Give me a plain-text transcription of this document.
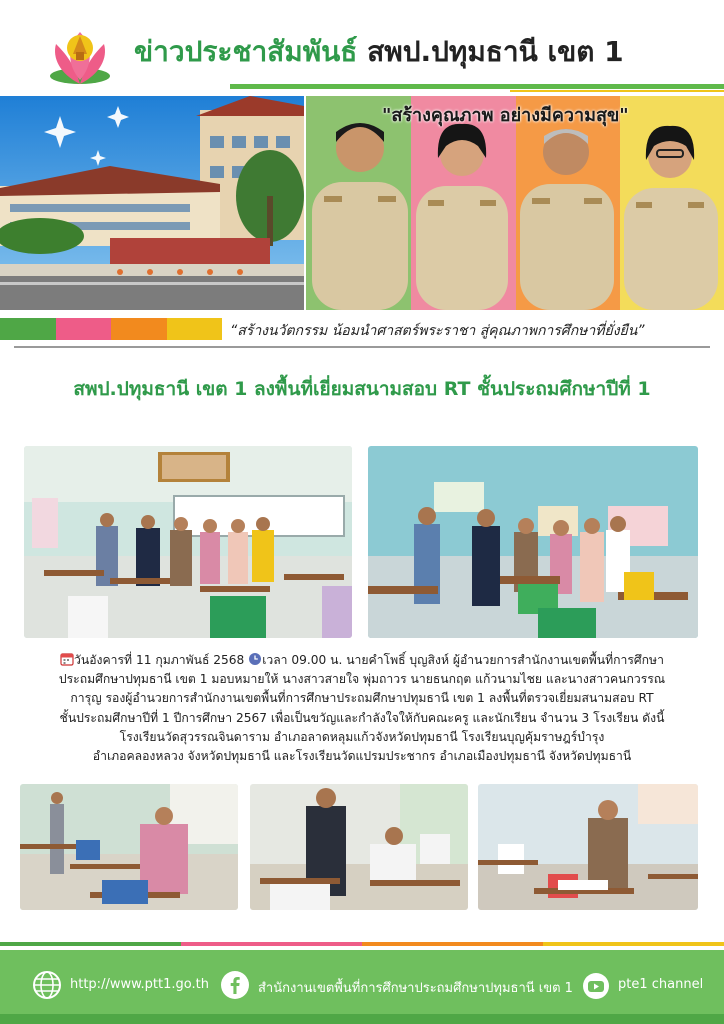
ข่าวประชาสัมพันธ์ สพป.ปทุมธานี เขต 1
"สร้างคุณภาพ อย่างมีความสุข"
“สร้างนวัตกรรม น้อมนำศาสตร์พระราชา สู่คุณภาพการศึกษาที่ยั่งยืน”
สพป.ปทุมธานี เขต 1 ลงพื้นที่เยี่ยมสนามสอบ RT ชั้นประถมศึกษาปีที่ 1
วันอังคารที่ 11 กุมภาพันธ์ 2568 เวลา 09.00 น. นายคำโพธิ์ บุญสิงห์ ผู้อำนวยการสำนักงานเขตพื้นที่การศึกษา
ประถมศึกษาปทุมธานี เขต 1 มอบหมายให้ นางสาวสายใจ พุ่มถาวร นายธนกฤต แก้วนามไชย และนางสาวคนกวรรณ
การุญ รองผู้อำนวยการสำนักงานเขตพื้นที่การศึกษาประถมศึกษาปทุมธานี เขต 1 ลงพื้นที่ตรวจเยี่ยมสนามสอบ RT
ชั้นประถมศึกษาปีที่ 1 ปีการศึกษา 2567 เพื่อเป็นขวัญและกำลังใจให้กับคณะครู และนักเรียน จำนวน 3 โรงเรียน ดังนี้
โรงเรียนวัดสุวรรณจินดาราม อำเภอลาดหลุมแก้วจังหวัดปทุมธานี โรงเรียนบุญคุ้มราษฎร์บำรุง
อำเภอคลองหลวง จังหวัดปทุมธานี และโรงเรียนวัดแปรมประชากร อำเภอเมืองปทุมธานี จังหวัดปทุมธานี
http://www.ptt1.go.th	สำนักงานเขตพื้นที่การศึกษาประถมศึกษาปทุมธานี เขต 1	pte1 channel
